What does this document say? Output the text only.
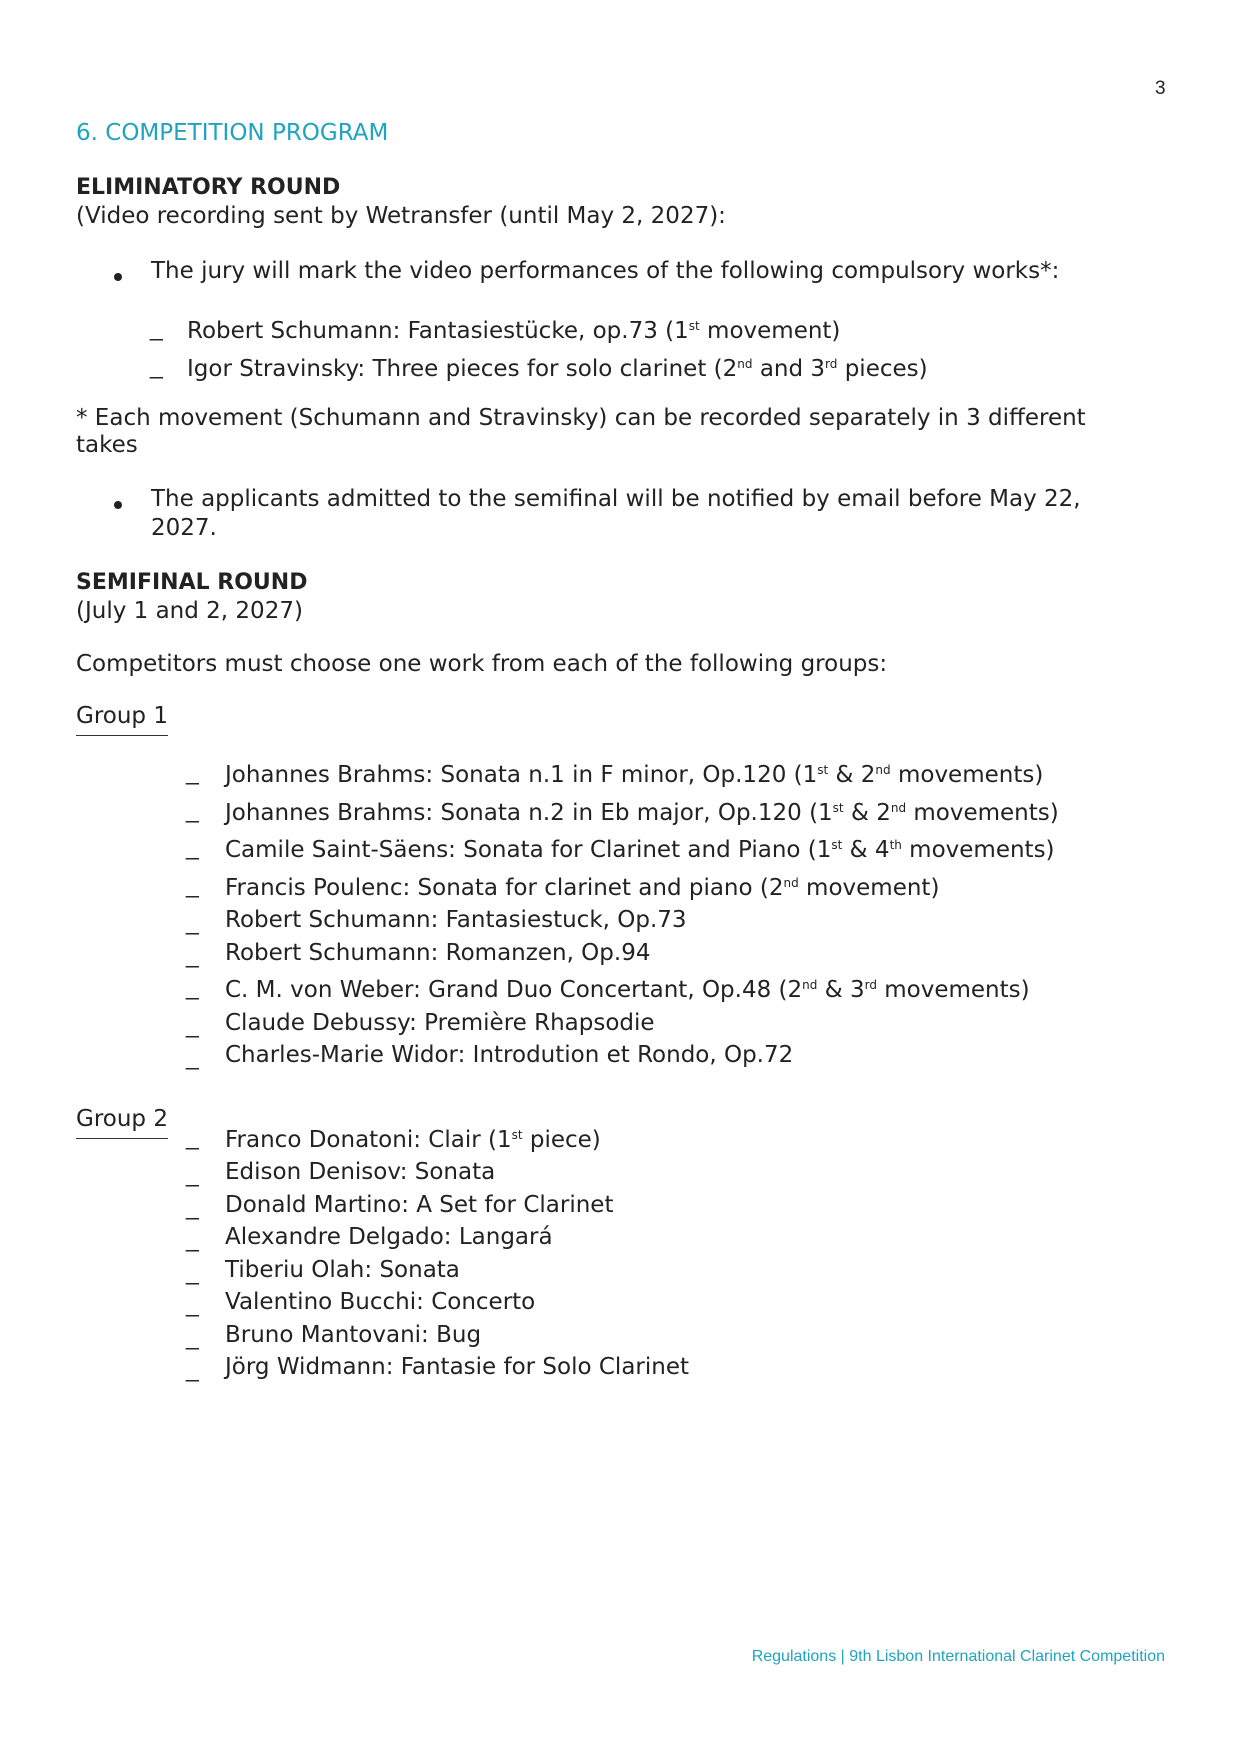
3
6. COMPETITION PROGRAM
ELIMINATORY ROUND

(Video recording sent by Wetransfer (until May 2, 2027):

The jury will mark the video performances of the following compulsory works*:
_ Robert Schumann: Fantasiestücke, op.73 (1st movement)
_ Igor Stravinsky: Three pieces for solo clarinet (2nd and 3rd pieces)

* Each movement (Schumann and Stravinsky) can be recorded separately in 3 different takes

The applicants admitted to the semifinal will be notified by email before May 22, 2027.
SEMIFINAL ROUND

(July 1 and 2, 2027)

Competitors must choose one work from each of the following groups:

Group 1
_ Johannes Brahms: Sonata n.1 in F minor, Op.120 (1st & 2nd movements)
_ Johannes Brahms: Sonata n.2 in Eb major, Op.120 (1st & 2nd movements)
_ Camile Saint-Säens: Sonata for Clarinet and Piano (1st & 4th movements)
_ Francis Poulenc: Sonata for clarinet and piano (2nd movement)
_ Robert Schumann: Fantasiestuck, Op.73
_ Robert Schumann: Romanzen, Op.94
_ C. M. von Weber: Grand Duo Concertant, Op.48 (2nd & 3rd movements)
_ Claude Debussy: Première Rhapsodie
_ Charles-Marie Widor: Introdution et Rondo, Op.72
Group 2
_ Franco Donatoni: Clair (1st piece)
_ Edison Denisov: Sonata
_ Donald Martino: A Set for Clarinet
_ Alexandre Delgado: Langará
_ Tiberiu Olah: Sonata
_ Valentino Bucchi: Concerto
_ Bruno Mantovani: Bug
_ Jörg Widmann: Fantasie for Solo Clarinet
Regulations | 9th Lisbon International Clarinet Competition
